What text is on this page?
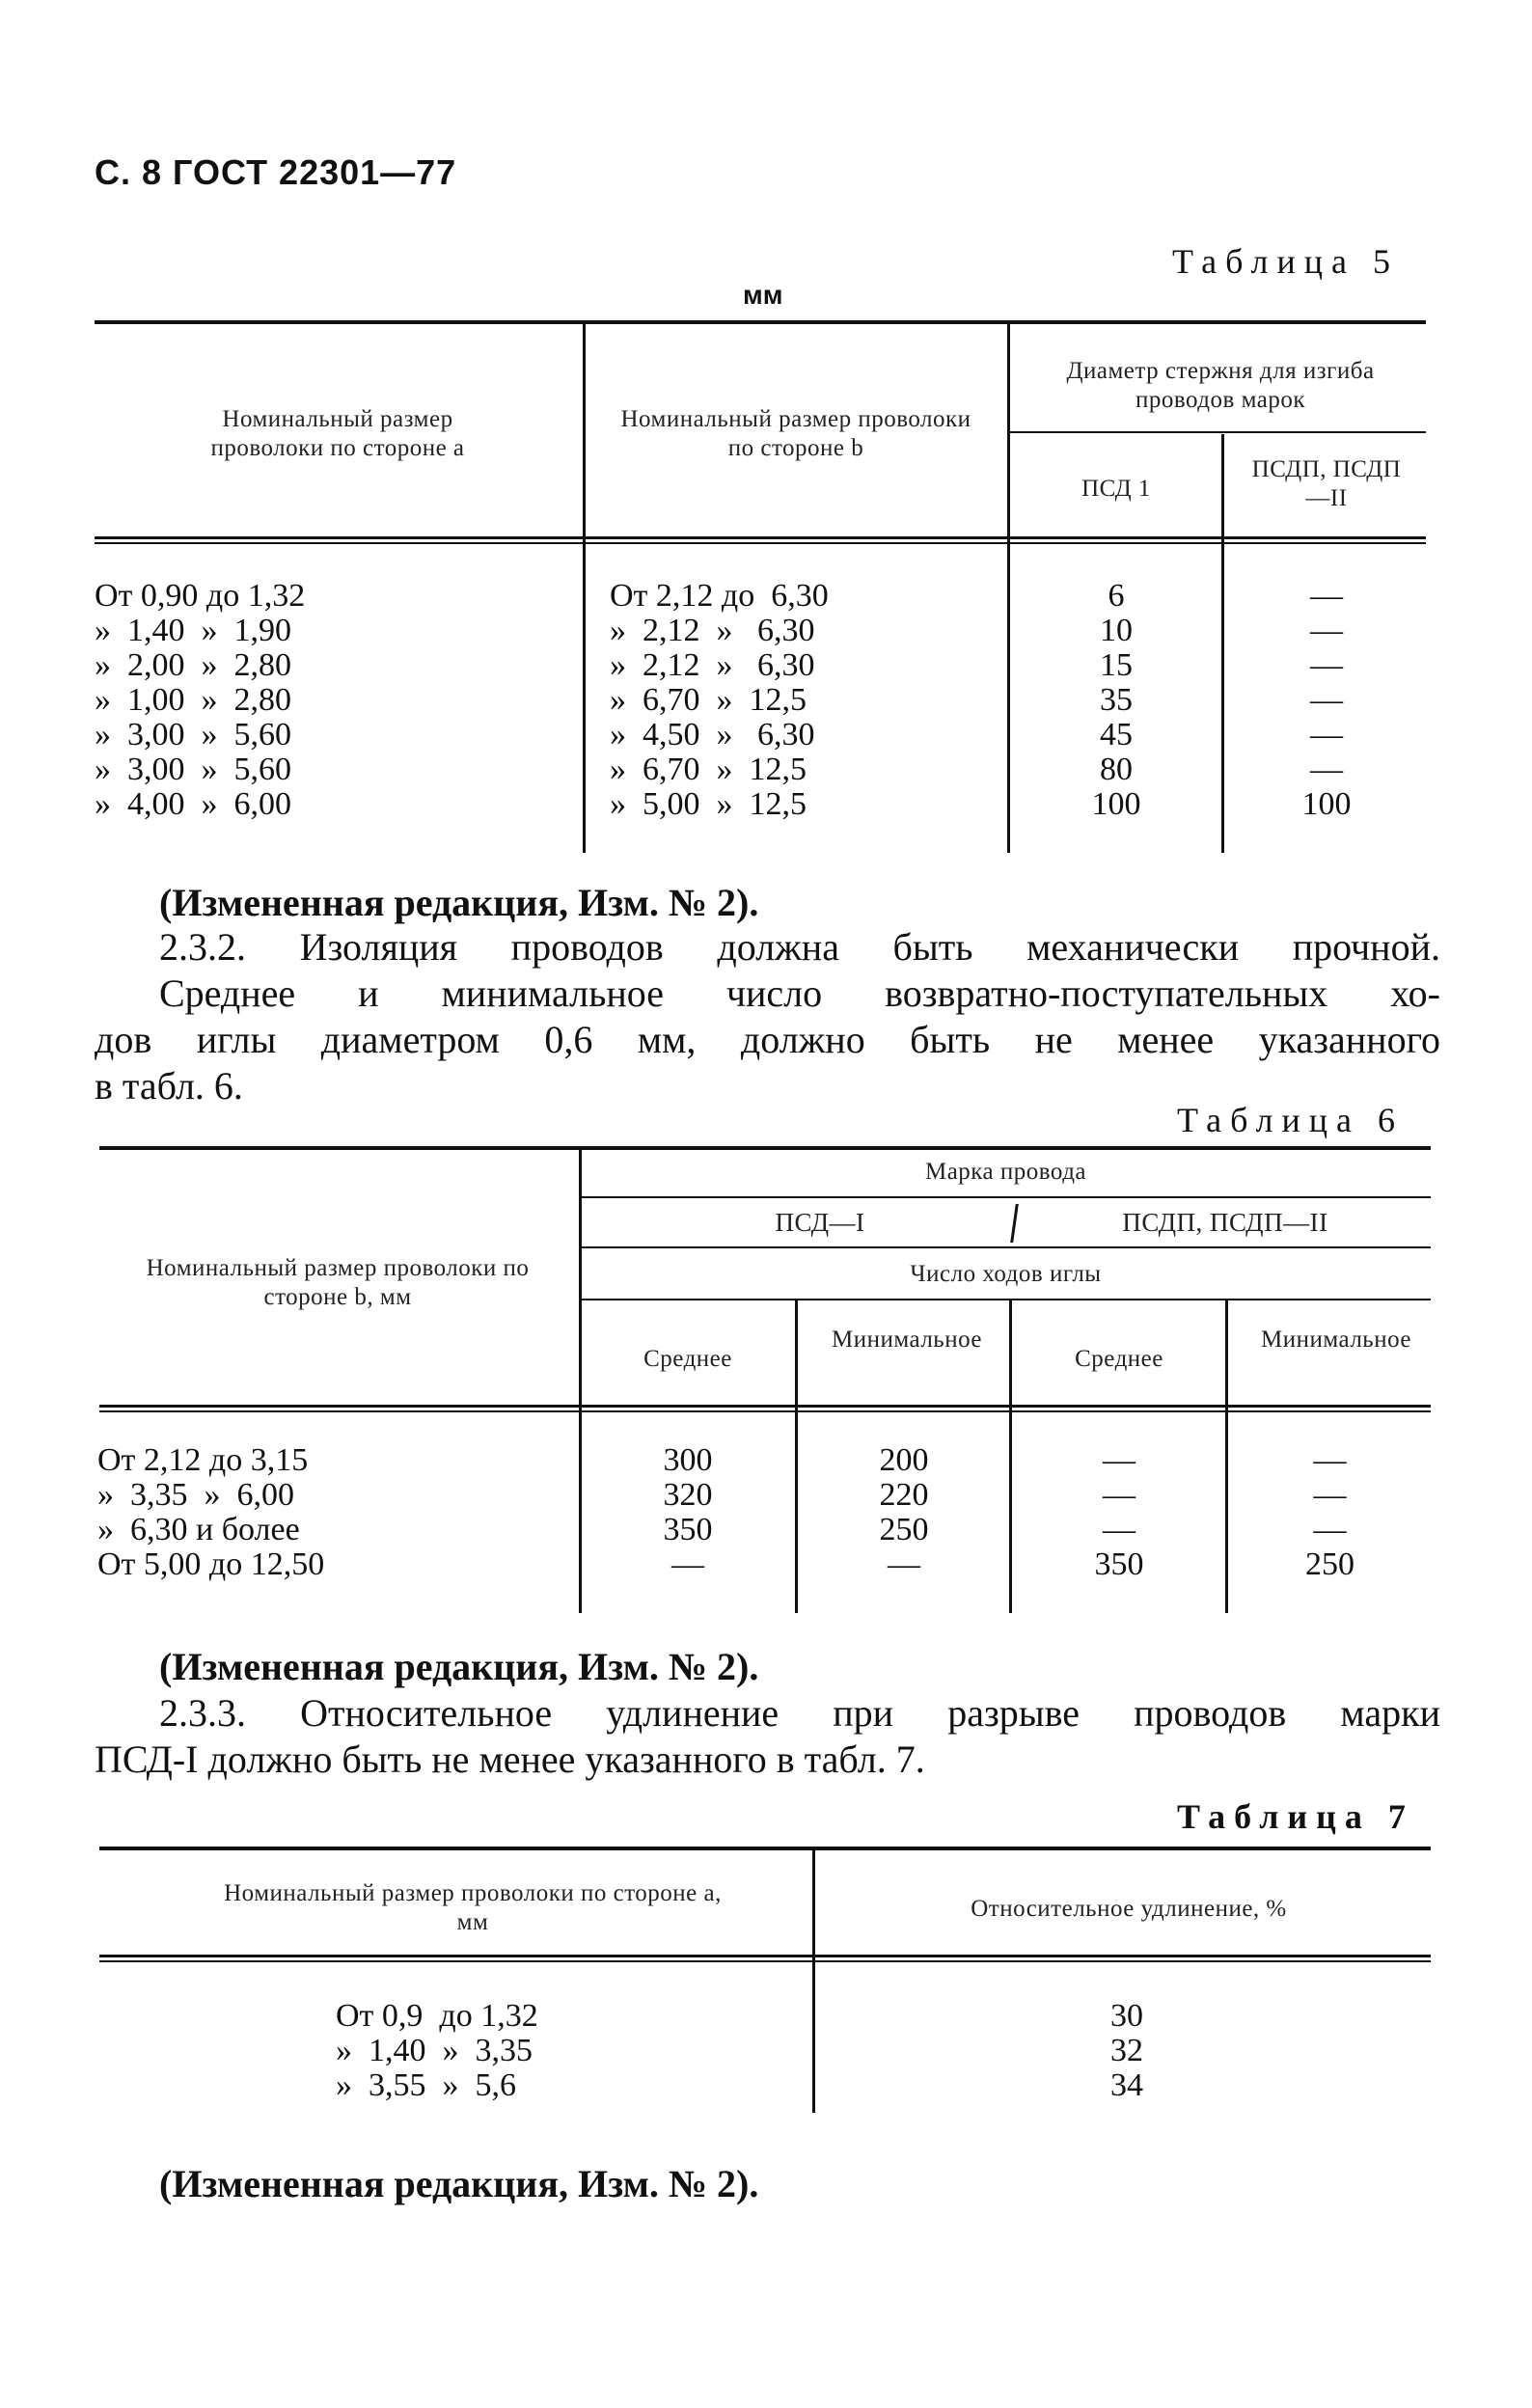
С. 8 ГОСТ 22301—77
Таблица 5
мм
Номинальный размер проволоки по стороне a
Номинальный размер проволоки по стороне b
Диаметр стержня для изгиба проводов марок
ПСД 1
ПСДП, ПСДП—II
От 0,90 до 1,32
»  1,40  »  1,90
»  2,00  »  2,80
»  1,00  »  2,80
»  3,00  »  5,60
»  3,00  »  5,60
»  4,00  »  6,00
От 2,12 до  6,30
»  2,12  »   6,30
»  2,12  »   6,30
»  6,70  »  12,5
»  4,50  »   6,30
»  6,70  »  12,5
»  5,00  »  12,5
6
10
15
35
45
80
100
—
—
—
—
—
—
100
(Измененная редакция, Изм. № 2).
2.3.2. Изоляция проводов должна быть механически прочной.
Среднее и минимальное число возвратно-поступательных хо-
дов иглы диаметром 0,6 мм, должно быть не менее указанного
в табл. 6.
Таблица 6
Номинальный размер проволоки по стороне b, мм
Марка провода
ПСД—I	ПСДП, ПСДП—II
Число ходов иглы
Среднее
Минимальное
Среднее
Минимальное
От 2,12 до 3,15
»  3,35  »  6,00
»  6,30 и более
От 5,00 до 12,50
300
320
350
—
200
220
250
—
—
—
—
350
—
—
—
250
(Измененная редакция, Изм. № 2).
2.3.3. Относительное удлинение при разрыве проводов марки
ПСД-I должно быть не менее указанного в табл. 7.
Таблица 7
Номинальный размер проволоки по стороне a, мм
Относительное удлинение, %
От 0,9  до 1,32
»  1,40  »  3,35
»  3,55  »  5,6
30
32
34
(Измененная редакция, Изм. № 2).
